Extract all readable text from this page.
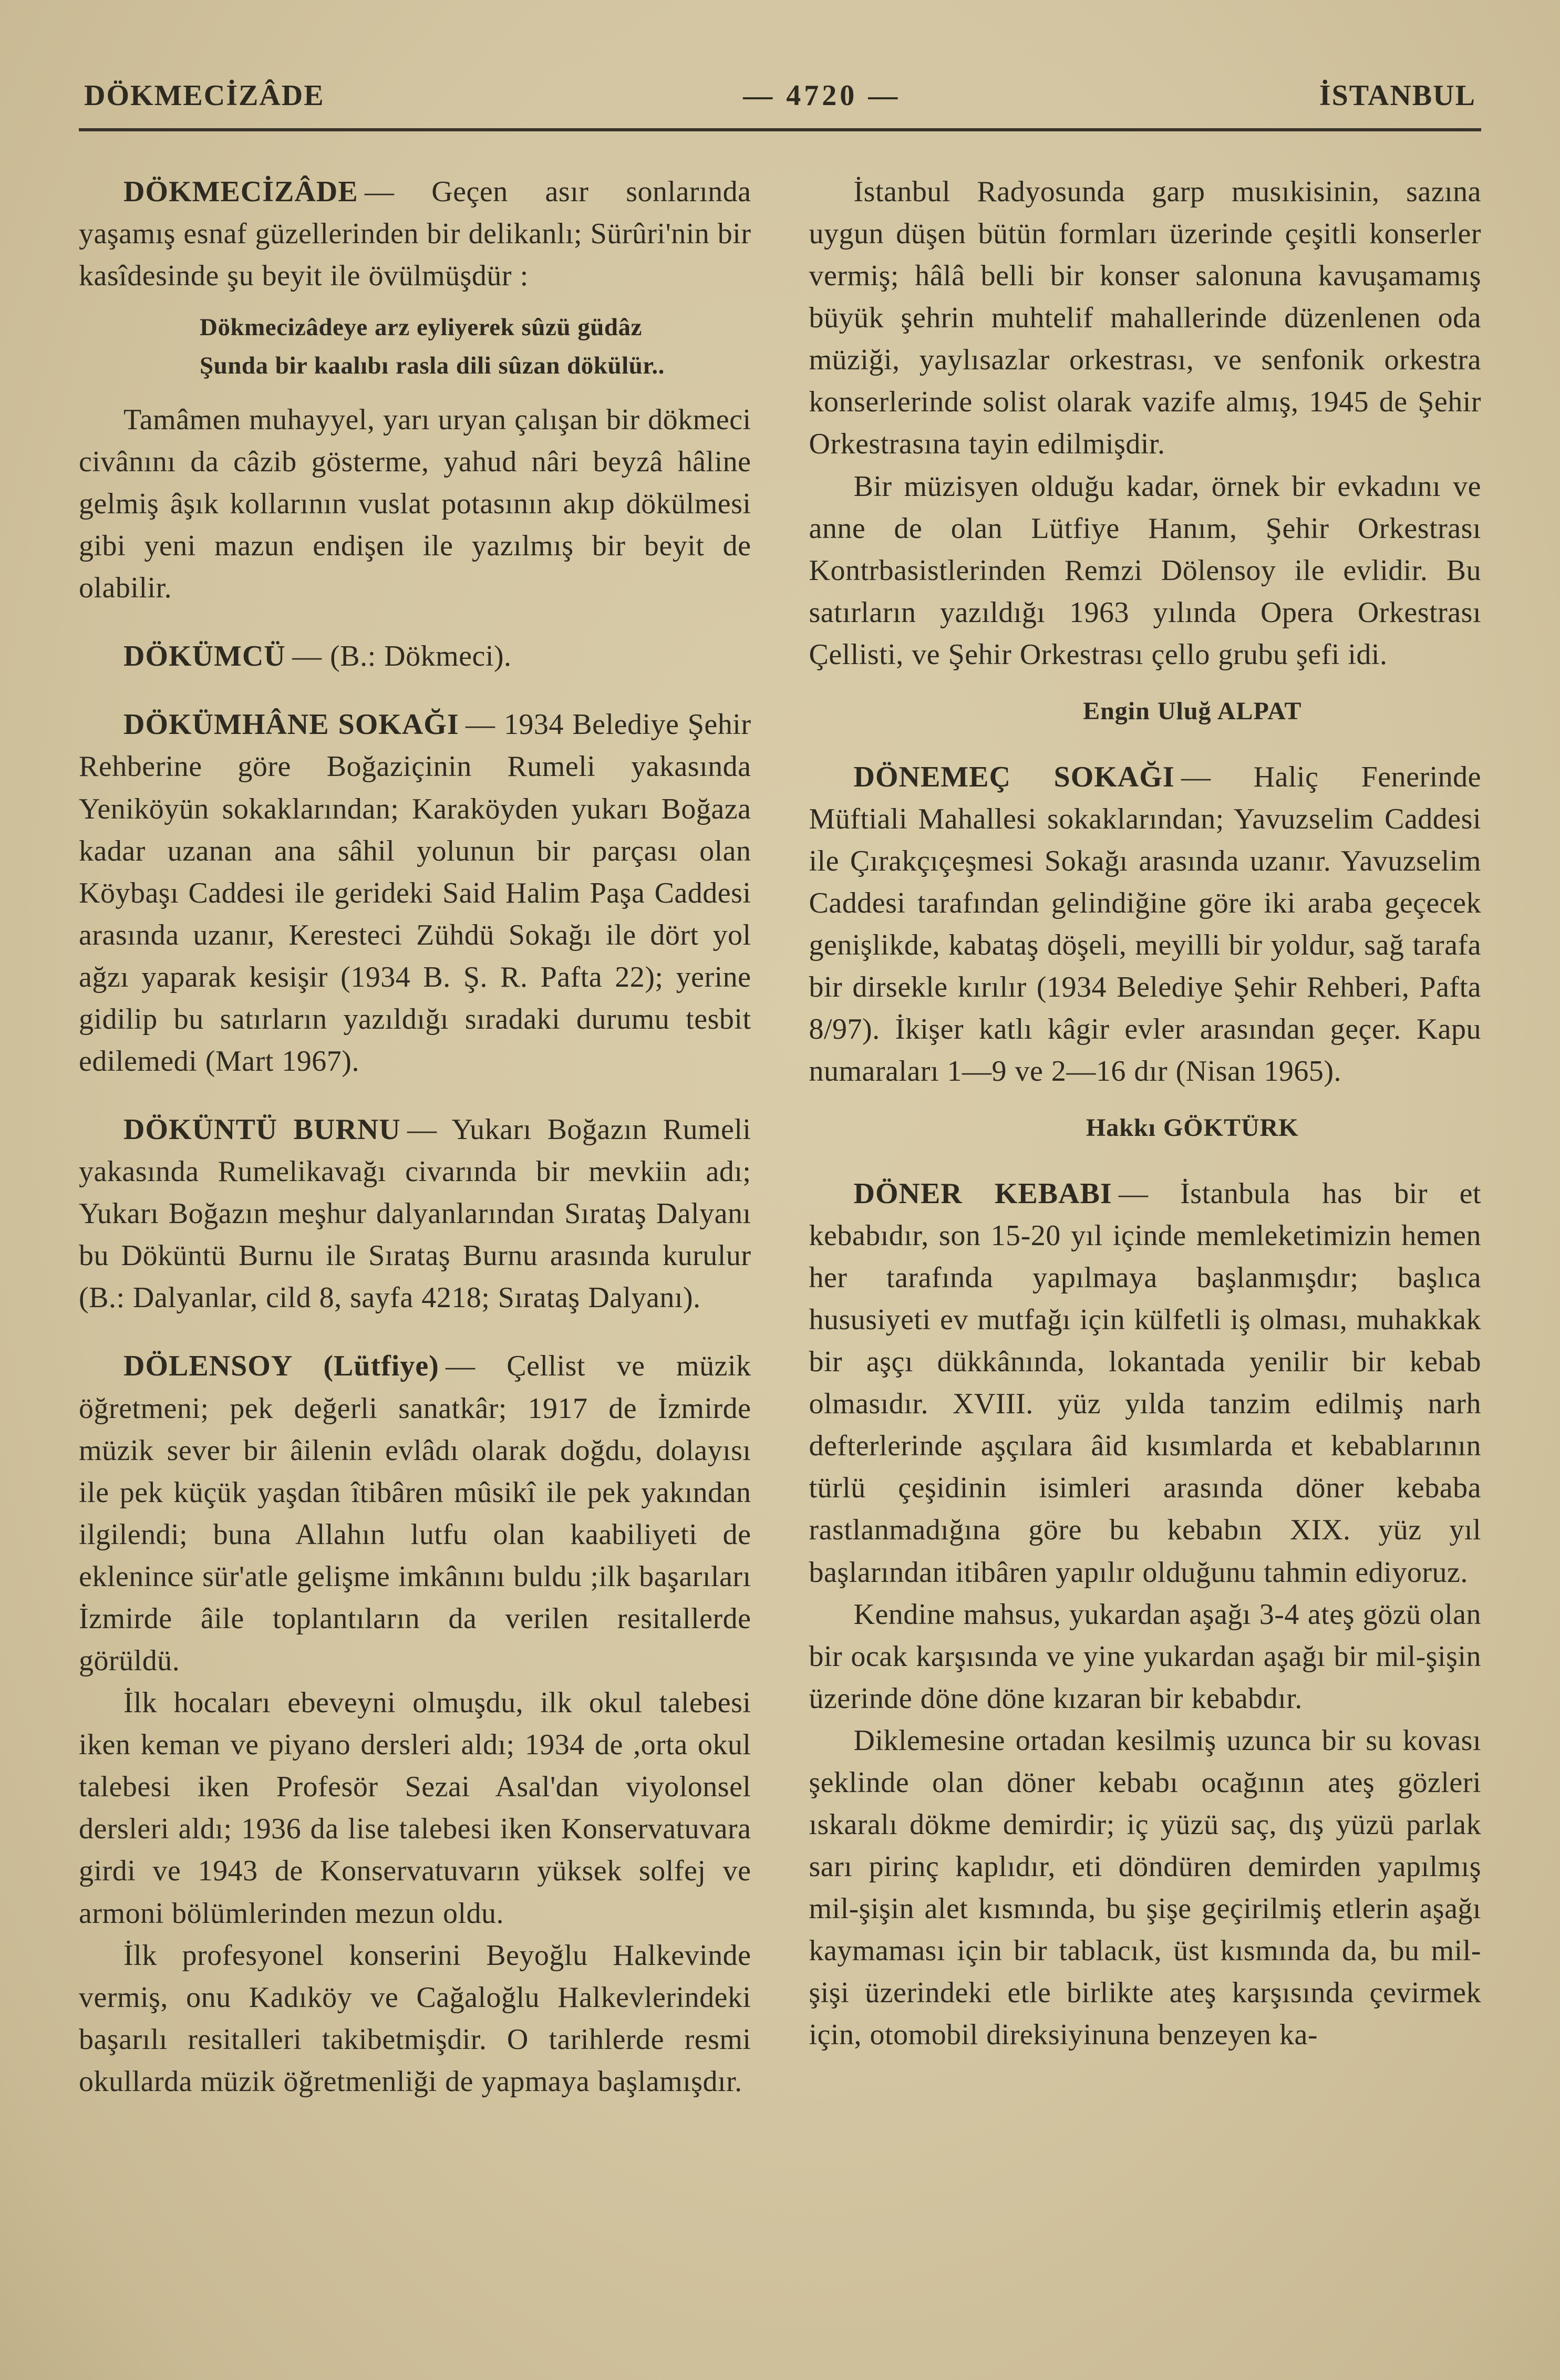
DÖKMECİZÂDE	— 4720 —	İSTANBUL

DÖKMECİZÂDE — Geçen asır sonlarında yaşamış esnaf güzellerinden bir delikanlı; Sürûri'nin bir kasîdesinde şu beyit ile övülmüşdür :

Dökmecizâdeye arz eyliyerek sûzü güdâz
Şunda bir kaalıbı rasla dili sûzan dökülür..

Tamâmen muhayyel, yarı uryan çalışan bir dökmeci civânını da câzib gösterme, yahud nâri beyzâ hâline gelmiş âşık kollarının vuslat potasının akıp dökülmesi gibi yeni mazun endişen ile yazılmış bir beyit de olabilir.

DÖKÜMCÜ — (B.: Dökmeci).

DÖKÜMHÂNE SOKAĞI — 1934 Belediye Şehir Rehberine göre Boğaziçinin Rumeli yakasında Yeniköyün sokaklarından; Karaköyden yukarı Boğaza kadar uzanan ana sâhil yolunun bir parçası olan Köybaşı Caddesi ile gerideki Said Halim Paşa Caddesi arasında uzanır, Keresteci Zühdü Sokağı ile dört yol ağzı yaparak kesişir (1934 B. Ş. R. Pafta 22); yerine gidilip bu satırların yazıldığı sıradaki durumu tesbit edilemedi (Mart 1967).

DÖKÜNTÜ BURNU — Yukarı Boğazın Rumeli yakasında Rumelikavağı civarında bir mevkiin adı; Yukarı Boğazın meşhur dalyanlarından Sırataş Dalyanı bu Döküntü Burnu ile Sırataş Burnu arasında kurulur (B.: Dalyanlar, cild 8, sayfa 4218; Sırataş Dalyanı).

DÖLENSOY (Lütfiye) — Çellist ve müzik öğretmeni; pek değerli sanatkâr; 1917 de İzmirde müzik sever bir âilenin evlâdı olarak doğdu, dolayısı ile pek küçük yaşdan îtibâren mûsikî ile pek yakından ilgilendi; buna Allahın lutfu olan kaabiliyeti de eklenince sür'atle gelişme imkânını buldu ;ilk başarıları İzmirde âile toplantıların da verilen resitallerde görüldü.

İlk hocaları ebeveyni olmuşdu, ilk okul talebesi iken keman ve piyano dersleri aldı; 1934 de ,orta okul talebesi iken Profesör Sezai Asal'dan viyolonsel dersleri aldı; 1936 da lise talebesi iken Konservatuvara girdi ve 1943 de Konservatuvarın yüksek solfej ve armoni bölümlerinden mezun oldu.

İlk profesyonel konserini Beyoğlu Halkevinde vermiş, onu Kadıköy ve Cağaloğlu Halkevlerindeki başarılı resitalleri takibetmişdir. O tarihlerde resmi okullarda müzik öğretmenliği de yapmaya başlamışdır.

İstanbul Radyosunda garp musıkisinin, sazına uygun düşen bütün formları üzerinde çeşitli konserler vermiş; hâlâ belli bir konser salonuna kavuşamamış büyük şehrin muhtelif mahallerinde düzenlenen oda müziği, yaylısazlar orkestrası, ve senfonik orkestra konserlerinde solist olarak vazife almış, 1945 de Şehir Orkestrasına tayin edilmişdir.

Bir müzisyen olduğu kadar, örnek bir evkadını ve anne de olan Lütfiye Hanım, Şehir Orkestrası Kontrbasistlerinden Remzi Dölensoy ile evlidir. Bu satırların yazıldığı 1963 yılında Opera Orkestrası Çellisti, ve Şehir Orkestrası çello grubu şefi idi.

Engin Uluğ ALPAT

DÖNEMEÇ SOKAĞI — Haliç Fenerinde Müftiali Mahallesi sokaklarından; Yavuzselim Caddesi ile Çırakçıçeşmesi Sokağı arasında uzanır. Yavuzselim Caddesi tarafından gelindiğine göre iki araba geçecek genişlikde, kabataş döşeli, meyilli bir yoldur, sağ tarafa bir dirsekle kırılır (1934 Belediye Şehir Rehberi, Pafta 8/97). İkişer katlı kâgir evler arasından geçer. Kapu numaraları 1—9 ve 2—16 dır (Nisan 1965).

Hakkı GÖKTÜRK

DÖNER KEBABI — İstanbula has bir et kebabıdır, son 15-20 yıl içinde memleketimizin hemen her tarafında yapılmaya başlanmışdır; başlıca hususiyeti ev mutfağı için külfetli iş olması, muhakkak bir aşçı dükkânında, lokantada yenilir bir kebab olmasıdır. XVIII. yüz yılda tanzim edilmiş narh defterlerinde aşçılara âid kısımlarda et kebablarının türlü çeşidinin isimleri arasında döner kebaba rastlanmadığına göre bu kebabın XIX. yüz yıl başlarından itibâren yapılır olduğunu tahmin ediyoruz.

Kendine mahsus, yukardan aşağı 3-4 ateş gözü olan bir ocak karşısında ve yine yukardan aşağı bir mil-şişin üzerinde döne döne kızaran bir kebabdır.

Diklemesine ortadan kesilmiş uzunca bir su kovası şeklinde olan döner kebabı ocağının ateş gözleri ıskaralı dökme demirdir; iç yüzü saç, dış yüzü parlak sarı pirinç kaplıdır, eti döndüren demirden yapılmış mil-şişin alet kısmında, bu şişe geçirilmiş etlerin aşağı kaymaması için bir tablacık, üst kısmında da, bu mil-şişi üzerindeki etle birlikte ateş karşısında çevirmek için, otomobil direksiyinuna benzeyen ka-
